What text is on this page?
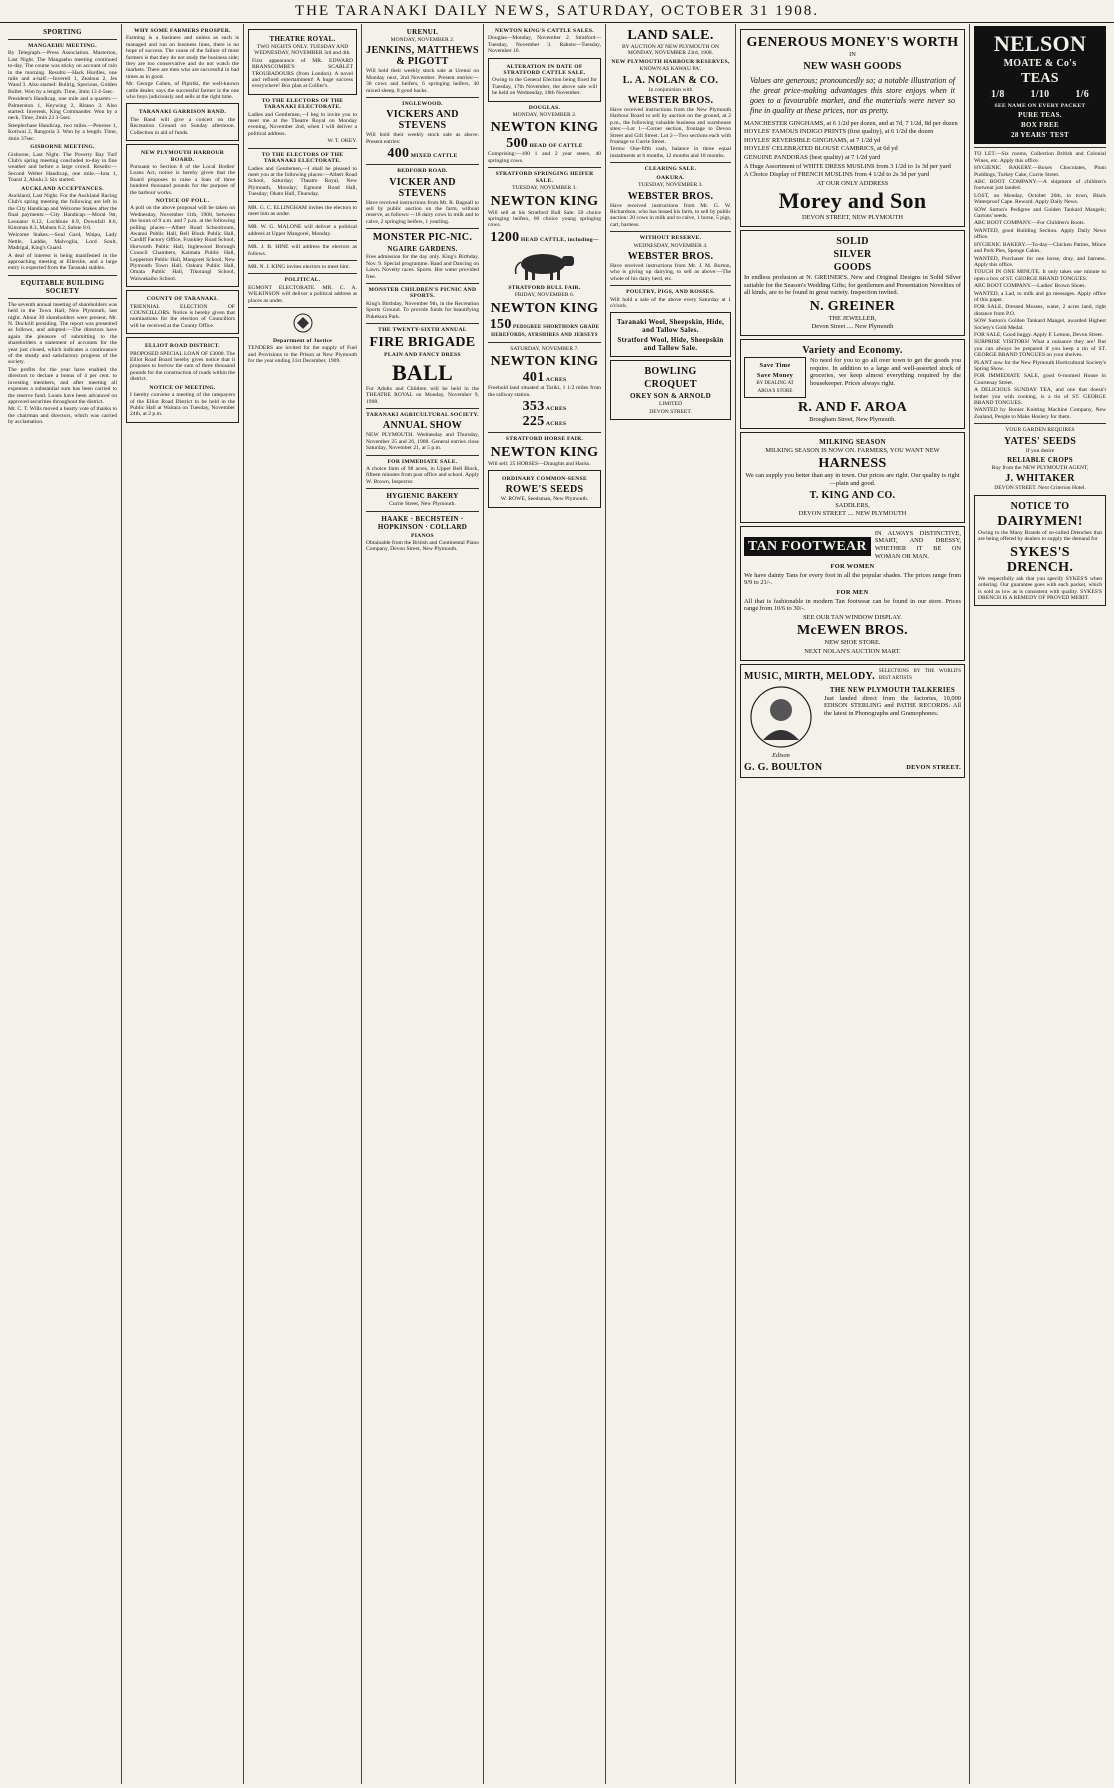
THE TARANAKI DAILY NEWS, SATURDAY, OCTOBER 31 1908.
SPORTING
MANGAEHU MEETING.

By Telegraph.—Press Association. Masterton, Last Night. The Mangaehu meeting continued to-day. The course was sticky on account of rain in the morning. Results:—Hack Hurdles, one mile and a-half.—Inverell 1, Zealous 2, Jes Wand 3. Also started: Bullrig, Specious, Golden Bullet. Won by a length. Time, 3min 13 4-5sec.

President's Handicap, one mile and a quarter.—Palmerston 1, Keywing 2, Ritano 3. Also started: Inveresk, King Commander. Won by a neck. Time, 2min 23 3-5sec.

Steeplechase Handicap, two miles.—Penrose 1, Kotiwai 2, Rangoria 3. Won by a length. Time, 4min 37sec.

GISBORNE MEETING.

Gisborne, Last Night. The Poverty Bay Turf Club's spring meeting concluded to-day in fine weather and before a large crowd. Results:—Second Welter Handicap, one mile.—Iota 1, Toaral 2, Ahulu 3. Six started.

AUCKLAND ACCEPTANCES.

Auckland, Last Night. For the Auckland Racing Club's spring meeting the following are left in the City Handicap and Welcome Stakes after the final payments:—City Handicap.—Moral 9st, Leonator 8.12, Lochbuie 8.9, Downfall 8.6, Kinsman 8.3, Mahuta 8.2, Salute 8.0.

Welcome Stakes.—Soul Gard, Waipu, Lady Nettle, Laddie, Malvoglia, Lord Soult, Madrigal, King's Guard.

A deal of interest is being manifested in the approaching meeting at Ellerslie, and a large entry is expected from the Taranaki stables.

EQUITABLE BUILDING SOCIETY

The seventh annual meeting of shareholders was held in the Town Hall, New Plymouth, last night. About 30 shareholders were present, Mr. N. Dockrill presiding. The report was presented as follows, and adopted:—The directors have again the pleasure of submitting to the shareholders a statement of accounts for the year just closed, which indicates a continuance of the steady and satisfactory progress of the society.

The profits for the year have enabled the directors to declare a bonus of 4 per cent. to investing members, and after meeting all expenses a substantial sum has been carried to the reserve fund. Loans have been advanced on approved securities throughout the district.

Mr. C. T. Wills moved a hearty vote of thanks to the chairman and directors, which was carried by acclamation.

WHY SOME FARMERS PROSPER.

Farming is a business and unless as such is managed and run on business lines, there is no hope of success. The cause of the failure of most farmers is that they do not study the business side; they are too conservative and do not watch the markets. There are men who are successful in bad times as in good.

Mr. George Cohen, of Pipiriki, the well-known cattle dealer, says the successful farmer is the one who buys judiciously and sells at the right time.

TARANAKI GARRISON BAND.

The Band will give a concert on the Recreation Ground on Sunday afternoon. Collection in aid of funds.

NEW PLYMOUTH HARBOUR BOARD.

Pursuant to Section 8 of the Local Bodies' Loans Act, notice is hereby given that the Board proposes to raise a loan of three hundred thousand pounds for the purpose of the harbour works.

NOTICE OF POLL.

A poll on the above proposal will be taken on Wednesday, November 11th, 1908, between the hours of 9 a.m. and 7 p.m. at the following polling places:—Albert Road Schoolroom, Awanui Public Hall, Bell Block Public Hall, Cardiff Factory Office, Frankley Road School, Hurworth Public Hall, Inglewood Borough Council Chambers, Kaimata Public Hall, Lepperton Public Hall, Mangorei School, New Plymouth Town Hall, Oakura Public Hall, Omata Public Hall, Tikorangi School, Waiwakaiho School.

COUNTY OF TARANAKI.

TRIENNIAL ELECTION OF COUNCILLORS. Notice is hereby given that nominations for the election of Councillors will be received at the County Office.

ELLIOT ROAD DISTRICT.

PROPOSED SPECIAL LOAN OF £3000. The Elliot Road Board hereby gives notice that it proposes to borrow the sum of three thousand pounds for the construction of roads within the district.

NOTICE OF MEETING.

I hereby convene a meeting of the ratepayers of the Elliot Road District to be held in the Public Hall at Waitara on Tuesday, November 24th, at 2 p.m.

THEATRE ROYAL.

TWO NIGHTS ONLY. TUESDAY AND WEDNESDAY, NOVEMBER 3rd and 4th.

First appearance of MR. EDWARD BRANSCOMBE'S SCARLET TROUBADOURS (from London). A novel and refined entertainment! A huge success everywhere! Box plan at Collier's.

TO THE ELECTORS OF THE TARANAKI ELECTORATE.

Ladies and Gentlemen,—I beg to invite you to meet me at the Theatre Royal on Monday evening, November 2nd, when I will deliver a political address.

W. T. OKEY.

TO THE ELECTORS OF THE TARANAKI ELECTORATE.

Ladies and Gentlemen,—I shall be pleased to meet you at the following places:—Albert Road School, Saturday; Theatre Royal, New Plymouth, Monday; Egmont Road Hall, Tuesday; Okato Hall, Thursday.

MR. G. C. ELLINGHAM invites the electors to meet him as under.

MR. W. G. MALONE will deliver a political address at Upper Mangorei, Monday.

MR. J. B. HINE will address the electors as follows.

MR. N. J. KING invites electors to meet him.

POLITICAL.

EGMONT ELECTORATE. MR. C. A. WILKINSON will deliver a political address at places as under.

Department of Justice

TENDERS are invited for the supply of Fuel and Provisions to the Prison at New Plymouth for the year ending 31st December, 1909.

URENUI.

MONDAY, NOVEMBER 2.

JENKINS, MATTHEWS & PIGOTT

Will hold their weekly stock sale at Urenui on Monday next, 2nd November. Present entries:—30 cows and heifers, 6 springing heifers, 40 mixed sheep, 8 good hacks.

INGLEWOOD.
VICKERS AND STEVENS

Will hold their weekly stock sale as above. Present entries:

400 MIXED CATTLE
BEDFORD ROAD.
VICKER AND STEVENS

Have received instructions from Mr. R. Bagnall to sell by public auction on the farm, without reserve, as follows:—18 dairy cows in milk and to calve, 2 springing heifers, 1 yearling.

MONSTER PIC-NIC.
NGAIRE GARDENS.

Free admission for the day only. King's Birthday, Nov. 9. Special programme. Band and Dancing on Lawn. Novelty races. Sports. Hot water provided free.

MONSTER CHILDREN'S PICNIC AND SPORTS.

King's Birthday, November 9th, in the Recreation Sports Ground. To provide funds for beautifying Pukekura Park.

THE TWENTY-SIXTH ANNUAL
FIRE BRIGADE
PLAIN AND FANCY DRESS
BALL

For Adults and Children will be held in the THEATRE ROYAL on Monday, November 9, 1908.

TARANAKI AGRICULTURAL SOCIETY.
ANNUAL SHOW

NEW PLYMOUTH. Wednesday and Thursday, November 25 and 26, 1908. General entries close Saturday, November 21, at 5 p.m.

FOR IMMEDIATE SALE.

A choice farm of 98 acres, in Upper Bell Block, fifteen minutes from post office and school. Apply W. Brown, Inspector.

HYGIENIC BAKERY

Currie Street, New Plymouth.

HAAKE · BECHSTEIN · HOPKINSON · COLLARD
PIANOS

Obtainable from the British and Continental Piano Company, Devon Street, New Plymouth.

NEWTON KING'S CATTLE SALES.

Douglas—Monday, November 2. Stratford—Tuesday, November 3. Rahotu—Tuesday, November 10.

ALTERATION IN DATE OF STRATFORD CATTLE SALE.

Owing to the General Election being fixed for Tuesday, 17th November, the above sale will be held on Wednesday, 18th November.

DOUGLAS.

MONDAY, NOVEMBER 2.

NEWTON KING
500 HEAD OF CATTLE

Comprising:—100 1 and 2 year steers, 40 springing cows.

STRATFORD SPRINGING HEIFER SALE.

TUESDAY, NOVEMBER 3.

NEWTON KING

Will sell at his Stratford Bull Sale: 50 choice springing heifers, 60 choice young springing cows.

1200 HEAD CATTLE, including—
STRATFORD BULL FAIR.

FRIDAY, NOVEMBER 6.

NEWTON KING
150 PEDIGREE SHORTHORN GRADE HEREFORDS, AYRSHIRES AND JERSEYS

SATURDAY, NOVEMBER 7.

NEWTON KING
401 ACRES

Freehold land situated at Tariki, 1 1/2 miles from the railway station.

353 ACRES
225 ACRES
STRATFORD HORSE FAIR.
NEWTON KING

Will sell: 25 HORSES—Draughts and Hacks.

ORDINARY COMMON-SENSE
ROWE'S SEEDS

W. ROWE, Seedsman, New Plymouth.

LAND SALE.

BY AUCTION AT NEW PLYMOUTH ON MONDAY, NOVEMBER 23rd, 1908.

NEW PLYMOUTH HARBOUR RESERVES,

KNOWN AS KAWAU PA'.

L. A. NOLAN & CO.

In conjunction with

WEBSTER BROS.

Have received instructions from the New Plymouth Harbour Board to sell by auction on the ground, at 2 p.m., the following valuable business and warehouse sites:—Lot 1—Corner section, frontage to Devon Street and Gill Street. Lot 2—Two sections each with frontage to Currie Street.

Terms: One-fifth cash, balance in three equal instalments at 6 months, 12 months and 18 months.

CLEARING SALE.
OAKURA.

TUESDAY, NOVEMBER 3.

WEBSTER BROS.

Have received instructions from Mr. G. W. Richardson, who has leased his farm, to sell by public auction: 20 cows in milk and to calve, 1 horse, 5 pigs, cart, harness.

WITHOUT RESERVE.

WEDNESDAY, NOVEMBER 4.

WEBSTER BROS.

Have received instructions from Mr. J. M. Burton, who is giving up dairying, to sell as above:—The whole of his dairy herd, etc.

POULTRY, PIGS, AND ROSSES.

Will hold a sale of the above every Saturday at 1 o'clock.

Taranaki Wool, Sheepskin, Hide, and Tallow Sales.
Stratford Wool, Hide, Sheepskin and Tallow Sale.
BOWLING
CROQUET
OKEY SON & ARNOLD

LIMITED

DEVON STREET.

GENEROUS MONEY'S WORTH

IN

NEW WASH GOODS

Values are generous; pronouncedly so; a notable illustration of the great price-making advantages this store enjoys when it goes to a favourable market, and the materials were never so fine in quality at these prices, nor as pretty.

MANCHESTER GINGHAMS, at 6 1/2d per dozen, and at 7d, 7 1/2d, 8d per dozen

HOYLES' FAMOUS INDIGO PRINTS (first quality), at 6 1/2d the dozen

HOYLES' REVERSIBLE GINGHAMS, at 7 1/2d yd

HOYLES' CELEBRATED BLOUSE CAMBRICS, at 6d yd

GENUINE PANDORAS (best quality) at 7 1/2d yard

A Huge Assortment of WHITE DRESS MUSLINS from 3 1/2d to 1s 3d per yard

A Choice Display of FRENCH MUSLINS from 4 1/2d to 2s 3d per yard

AT OUR ONLY ADDRESS

Morey and Son

DEVON STREET, NEW PLYMOUTH

SOLID
SILVER
GOODS

In endless profusion at N. GREINER'S. New and Original Designs in Solid Silver suitable for the Season's Wedding Gifts; for gentlemen and Presentation Novelties of all kinds, are to be found in great variety. Inspection invited.

N. GREINER

THE JEWELLER,

Devon Street .... New Plymouth

Variety and Economy.
Save Time
Save Money
BY DEALING AT AROA'S STORE

No need for you to go all over town to get the goods you require. In addition to a large and well-assorted stock of groceries, we keep almost everything required by the housekeeper. Prices always right.

R. AND F. AROA

Brougham Street, New Plymouth.

MILKING SEASON

MILKING SEASON IS NOW ON. FARMERS, YOU WANT NEW

HARNESS

We can supply you better than any in town. Our prices are right. Our quality is right—plain and good.

T. KING AND CO.

SADDLERS,

DEVON STREET .... NEW PLYMOUTH

TAN FOOTWEAR

IN ALWAYS DISTINCTIVE, SMART, AND DRESSY, WHETHER IT BE ON WOMAN OR MAN.

FOR WOMEN

We have dainty Tans for every foot in all the popular shades. The prices range from 9/9 to 21/-.

FOR MEN

All that is fashionable in modern Tan footwear can be found in our store. Prices range from 10/6 to 30/-.

SEE OUR TAN WINDOW DISPLAY.

McEWEN BROS.

NEW SHOE STORE.

NEXT NOLAN'S AUCTION MART.

MUSIC, MIRTH, MELODY. SELECTIONS BY THE WORLD'S BEST ARTISTS

Edison
THE NEW PLYMOUTH TALKERIES

Just landed direct from the factories, 10,000 EDISON STERLING and PATHE RECORDS. All the latest in Phonographs and Gramophones.

G. G. BOULTON	DEVON STREET.
NELSON
MOATE & Co's
TEAS
1/8	1/10	1/6
SEE NAME ON EVERY PACKET
PURE TEAS.
BOX FREE
28 YEARS' TEST

TO LET.—Six rooms, Collection British and Colonial Wines, etc. Apply this office.

HYGIENIC BAKERY.—Boxes Chocolates, Plum Puddings, Turkey Cake, Currie Street.

ABC BOOT COMPANY.—A shipment of children's footwear just landed.

LOST, on Monday, October 26th, in town, Black Waterproof Cape. Reward. Apply Daily News.

SOW Sutton's Pedigree and Golden Tankard Mangels; Gartons' seeds.

ABC BOOT COMPANY.—For Children's Boots.

WANTED, good Building Section. Apply Daily News office.

HYGIENIC BAKERY.—To-day—Chicken Patties, Mince and Pork Pies, Sponge Cakes.

WANTED, Purchaser for one horse, dray, and harness. Apply this office.

TOUCH IN ONE MINUTE. It only takes one minute to open a box of ST. GEORGE BRAND TONGUES.

ABC BOOT COMPANY.—Ladies' Brown Shoes.

WANTED, a Lad, to milk and go messages. Apply office of this paper.

FOR SALE, Dressed Mosses, water, 2 acres land, right distance from P.O.

SOW Sutton's Golden Tankard Mangel, awarded Highest Society's Gold Medal.

FOR SALE, Good buggy. Apply F. Lemon, Devon Street.

SURPRISE VISITORS! What a nuisance they are! But you can always be prepared if you keep a tin of ST. GEORGE BRAND TONGUES on your shelves.

PLANT now for the New Plymouth Horticultural Society's Spring Show.

FOR IMMEDIATE SALE, good 6-roomed House in Courtenay Street.

A DELICIOUS SUNDAY TEA, and one that doesn't bother you with cooking, is a tin of ST. GEORGE BRAND TONGUES.

WANTED by Bonier Knitting Machine Company, New Zealand, People to Make Hosiery for them.

YOUR GARDEN REQUIRES

YATES' SEEDS

If you desire

RELIABLE CROPS

Buy from the NEW PLYMOUTH AGENT,

J. WHITAKER

DEVON STREET. Next Criterion Hotel.

NOTICE TO
DAIRYMEN!

Owing to the Many Brands of so-called Drenches that are being offered by dealers to supply the demand for

SYKES'S DRENCH.

We respectfully ask that you specify SYKES'S when ordering. Our guarantee goes with each packet, which is sold as low as is consistent with quality. SYKES'S DRENCH IS A REMEDY OF PROVED MERIT.
